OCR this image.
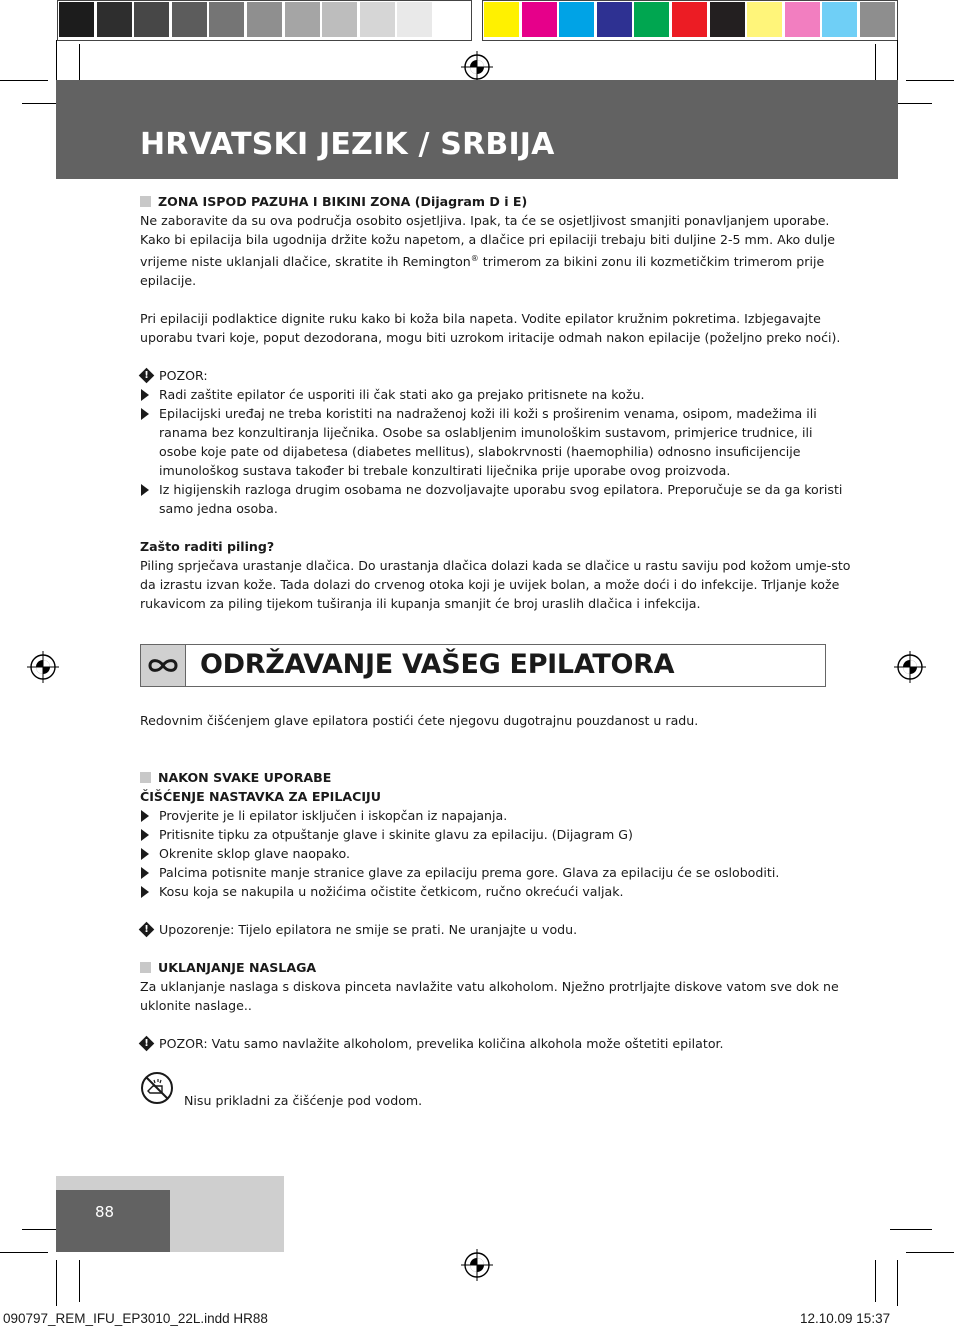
HRVATSKI JEZIK / SRBIJA

ZONA ISPOD PAZUHA I BIKINI ZONA (Dijagram D i E)

Ne zaboravite da su ova područja osobito osjetljiva. Ipak, ta će se osjetljivost smanjiti ponavljanjem uporabe. Kako bi epilacija bila ugodnija držite kožu napetom, a dlačice pri epilaciji trebaju biti duljine 2-5 mm. Ako dulje vrijeme niste uklanjali dlačice, skratite ih Remington® trimerom za bikini zonu ili kozmetičkim trimerom prije epilacije.

Pri epilaciji podlaktice dignite ruku kako bi koža bila napeta. Vodite epilator kružnim pokretima. Izbjegavajte uporabu tvari koje, poput dezodorana, mogu biti uzrokom iritacije odmah nakon epilacije (poželjno preko noći).

! POZOR:

Radi zaštite epilator će usporiti ili čak stati ako ga prejako pritisnete na kožu.

Epilacijski uređaj ne treba koristiti na nadraženoj koži ili koži s proširenim venama, osipom, madežima ili ranama bez konzultiranja liječnika. Osobe sa oslabljenim imunološkim sustavom, primjerice trudnice, ili osobe koje pate od dijabetesa (diabetes mellitus), slabokrvnosti (haemophilia) odnosno insuficijencije imunološkog sustava također bi trebale konzultirati liječnika prije uporabe ovog proizvoda.

Iz higijenskih razloga drugim osobama ne dozvoljavajte uporabu svog epilatora. Preporučuje se da ga koristi samo jedna osoba.

Zašto raditi piling?

Piling sprječava urastanje dlačica. Do urastanja dlačica dolazi kada se dlačice u rastu saviju pod kožom umje-sto da izrastu izvan kože. Tada dolazi do crvenog otoka koji je uvijek bolan, a može doći i do infekcije. Trljanje kože rukavicom za piling tijekom tuširanja ili kupanja smanjit će broj uraslih dlačica i infekcija.

ODRŽAVANJE VAŠEG EPILATORA

Redovnim čišćenjem glave epilatora postići ćete njegovu dugotrajnu pouzdanost u radu.

NAKON SVAKE UPORABE

ČIŠĆENJE NASTAVKA ZA EPILACIJU

Provjerite je li epilator isključen i iskopčan iz napajanja.

Pritisnite tipku za otpuštanje glave i skinite glavu za epilaciju. (Dijagram G)

Okrenite sklop glave naopako.

Palcima potisnite manje stranice glave za epilaciju prema gore. Glava za epilaciju će se osloboditi.

Kosu koja se nakupila u nožićima očistite četkicom, ručno okrećući valjak.

! Upozorenje: Tijelo epilatora ne smije se prati. Ne uranjajte u vodu.

UKLANJANJE NASLAGA

Za uklanjanje naslaga s diskova pinceta navlažite vatu alkoholom. Nježno protrljajte diskove vatom sve dok ne uklonite naslage..

! POZOR: Vatu samo navlažite alkoholom, prevelika količina alkohola može oštetiti epilator.

Nisu prikladni za čišćenje pod vodom.
88
090797_REM_IFU_EP3010_22L.indd HR88	12.10.09 15:37
